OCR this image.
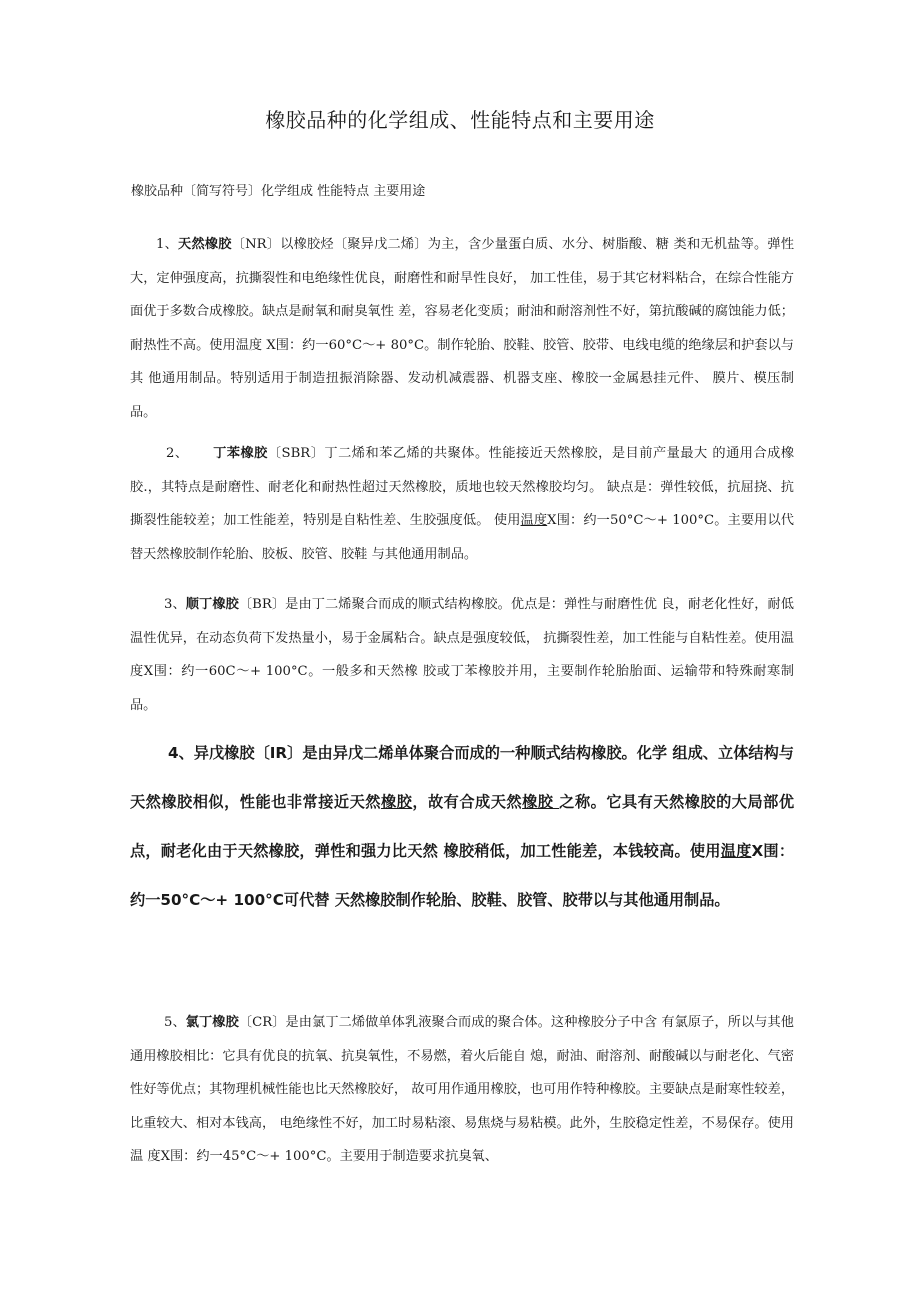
橡胶品种的化学组成、性能特点和主要用途
橡胶品种〔简写符号〕化学组成 性能特点 主要用途
1、天然橡胶〔NR〕以橡胶烃〔聚异戊二烯〕为主，含少量蛋白质、水分、树脂酸、糖 类和无机盐等。弹性大，定伸强度高，抗撕裂性和电绝缘性优良，耐磨性和耐旱性良好， 加工性佳，易于其它材料粘合，在综合性能方面优于多数合成橡胶。缺点是耐氧和耐臭氧性 差，容易老化变质；耐油和耐溶剂性不好，第抗酸碱的腐蚀能力低；耐热性不高。使用温度 X围：约一60°C～+ 80°C。制作轮胎、胶鞋、胶管、胶带、电线电缆的绝缘层和护套以与其 他通用制品。特别适用于制造扭振消除器、发动机减震器、机器支座、橡胶一金属悬挂元件、 膜片、模压制品。
2、 丁苯橡胶〔SBR〕丁二烯和苯乙烯的共聚体。性能接近天然橡胶，是目前产量最大 的通用合成橡胶.，其特点是耐磨性、耐老化和耐热性超过天然橡胶，质地也较天然橡胶均匀。 缺点是：弹性较低，抗屈挠、抗撕裂性能较差；加工性能差，特别是自粘性差、生胶强度低。 使用温度X围：约一50°C～+ 100°C。主要用以代替天然橡胶制作轮胎、胶板、胶管、胶鞋 与其他通用制品。
3、顺丁橡胶〔BR〕是由丁二烯聚合而成的顺式结构橡胶。优点是：弹性与耐磨性优 良，耐老化性好，耐低温性优异，在动态负荷下发热量小，易于金属粘合。缺点是强度较低， 抗撕裂性差，加工性能与自粘性差。使用温度X围：约一60C～+ 100°C。一般多和天然橡 胶或丁苯橡胶并用，主要制作轮胎胎面、运输带和特殊耐寒制品。
4、异戊橡胶〔IR〕是由异戊二烯单体聚合而成的一种顺式结构橡胶。化学 组成、立体结构与天然橡胶相似，性能也非常接近天然橡胶，故有合成天然橡胶 之称。它具有天然橡胶的大局部优点，耐老化由于天然橡胶，弹性和强力比天然 橡胶稍低，加工性能差，本钱较高。使用温度X围：约一50°C～+ 100°C可代替 天然橡胶制作轮胎、胶鞋、胶管、胶带以与其他通用制品。
5、氯丁橡胶〔CR〕是由氯丁二烯做单体乳液聚合而成的聚合体。这种橡胶分子中含 有氯原子，所以与其他通用橡胶相比：它具有优良的抗氧、抗臭氧性，不易燃，着火后能自 熄，耐油、耐溶剂、耐酸碱以与耐老化、气密性好等优点；其物理机械性能也比天然橡胶好， 故可用作通用橡胶，也可用作特种橡胶。主要缺点是耐寒性较差，比重较大、相对本钱高， 电绝缘性不好，加工时易粘滚、易焦烧与易粘模。此外，生胶稳定性差，不易保存。使用温 度X围：约一45°C～+ 100°C。主要用于制造要求抗臭氧、
